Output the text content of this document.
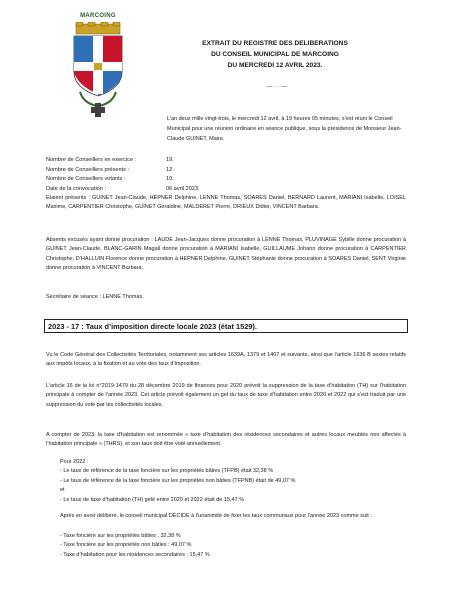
MARCOING
EXTRAIT DU REGISTRE DES DELIBERATIONS
DU CONSEIL MUNICIPAL DE MARCOING
DU MERCREDI 12 AVRIL 2023.
— · · —
L’an deux mille vingt-trois, le mercredi 12 avril, à 19 heures 05 minutes, s’est réuni le Conseil Municipal pour une réunion ordinaire en séance publique, sous la présidence de Monsieur Jean-Claude GUINET, Maire.
Nombre de Conseillers en exercice :	19.
Nombre de Conseillers présents :	12.
Nombre de Conseillers votants :	19.
Date de la convocation :	06 avril 2023.
Etaient présents : GUINET Jean-Claude, HEPNER Delphine, LENNE Thomas, SOARES Daniel, BERNARD Laurent, MARIANI Isabelle, LOISEL Maxime, CARPENTIER Christophe, GUINET Géraldine, MALDERET Pierre, DRIEUX Didier, VINCENT Barbara.
Absents excusés ayant donné procuration : LAUDE Jean-Jacques donne procuration à LENNE Thomas, PLUVINAGE Sybille donne procuration à GUINET Jean-Claude, BLANC-GARIN Magali donne procuration à MARIANI Isabelle, GUILLAUME Johann donne procuration à CARPENTIER Christophe, D’HALLUIN Florence donne procuration à HEPNER Delphine, GUINET Stéphanie donne procuration à SOARES Daniel, SENT Virginie donne procuration à VINCENT Barbara.
Secrétaire de séance : LENNE Thomas.
2023 - 17 : Taux d’imposition directe locale 2023 (état 1529).
Vu le Code Général des Collectivités Territoriales, notamment ses articles 1639A, 1379 et 1407 et suivants, ainsi que l’article 1636 B sexies relatifs aux impôts locaux, à la fixation et au vote des taux d’imposition.
L’article 16 de la loi n°2019-1479 du 28 décembre 2019 de finances pour 2020 prévoit la suppression de la taxe d’habitation (TH) sur l’habitation principale à compter de l’année 2023. Cet article prévoit également un gel du taux de taxe d’habitation entre 2020 et 2022 qui s’est traduit par une suppression du vote par les collectivités locales.
A compter de 2023, la taxe d’habitation est renommée « taxe d’habitation des résidences secondaires et autres locaux meublés non affectés à l’habitation principale » (THRS), et son taux doit être voté annuellement.
Pour 2022 :
- Le taux de référence de la taxe foncière sur les propriétés bâties (TFPB) était 32,38 %
- Le taux de référence de la taxe foncière sur les propriétés non bâties (TFPNB) était de 49,07 %
et
- Le taux de taxe d’habitation (TH) gelé entre 2020 et 2022 était de 15,47 %
Après en avoir délibéré, le conseil municipal DÉCIDE à l’unanimité de fixer les taux communaux pour l’année 2023 comme suit :
- Taxe foncière sur les propriétés bâties : 32,38 %
- Taxe foncière sur les propriétés non bâties : 49,07 %
- Taxe d’habitation pour les résidences secondaires : 15,47 %
